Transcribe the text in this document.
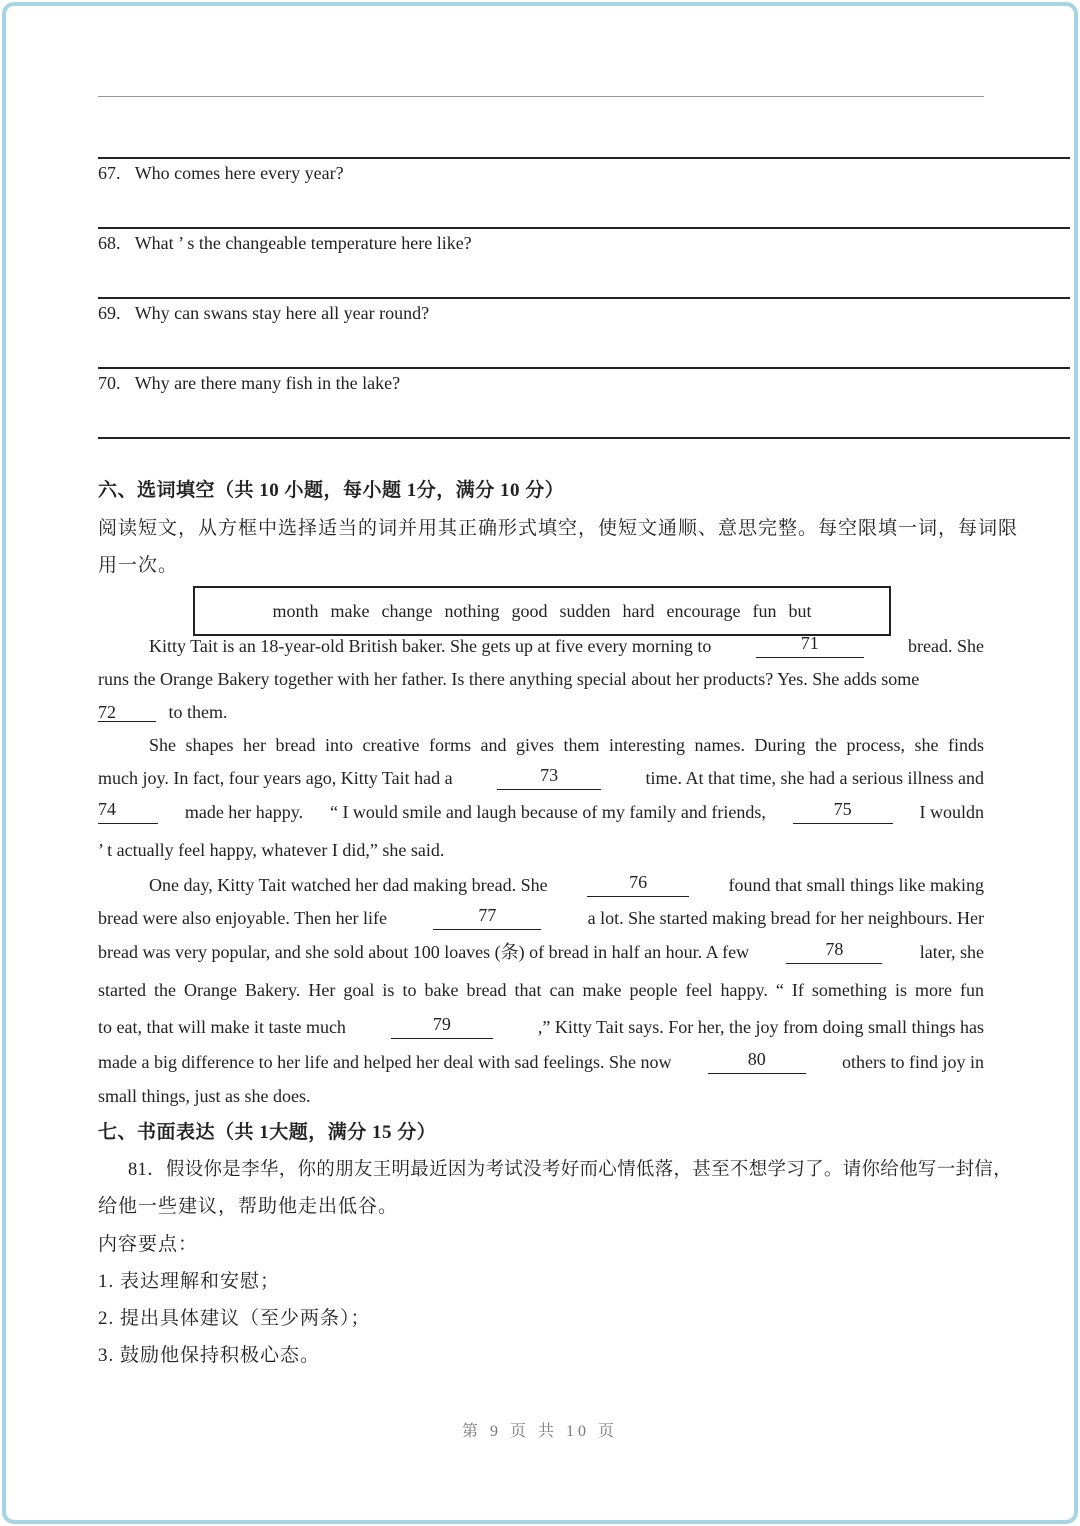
67. Who comes here every year?
68. What ’ s the changeable temperature here like?
69. Why can swans stay here all year round?
70. Why are there many fish in the lake?
六、选词填空（共 10 小题，每小题 1分，满分 10 分）
阅读短文，从方框中选择适当的词并用其正确形式填空，使短文通顺、意思完整。每空限填一词，每词限
用一次。
month make change nothing good sudden hard encourage fun but
Kitty Tait is an 18-year-old British baker. She gets up at five every morning to	71	bread. She
runs the Orange Bakery together with her father. Is there anything special about her products? Yes. She adds some
72	to them.
She shapes her bread into creative forms and gives them interesting names. During the process, she finds
much joy. In fact, four years ago, Kitty Tait had a	73	time. At that time, she had a serious illness and
74	made her happy. “ I would smile and laugh because of my family and friends,	75	I wouldn
’ t actually feel happy, whatever I did,” she said.
One day, Kitty Tait watched her dad making bread. She	76	found that small things like making
bread were also enjoyable. Then her life	77	a lot. She started making bread for her neighbours. Her
bread was very popular, and she sold about 100 loaves (条) of bread in half an hour. A few	78	later, she
started the Orange Bakery. Her goal is to bake bread that can make people feel happy. “ If something is more fun
to eat, that will make it taste much	79	,” Kitty Tait says. For her, the joy from doing small things has
made a big difference to her life and helped her deal with sad feelings. She now	80	others to find joy in
small things, just as she does.
七、书面表达（共 1大题，满分 15 分）
81．假设你是李华，你的朋友王明最近因为考试没考好而心情低落，甚至不想学习了。请你给他写一封信，
给他一些建议，帮助他走出低谷。
内容要点：
1. 表达理解和安慰；
2. 提出具体建议（至少两条）；
3. 鼓励他保持积极心态。
第 9 页 共 10 页
